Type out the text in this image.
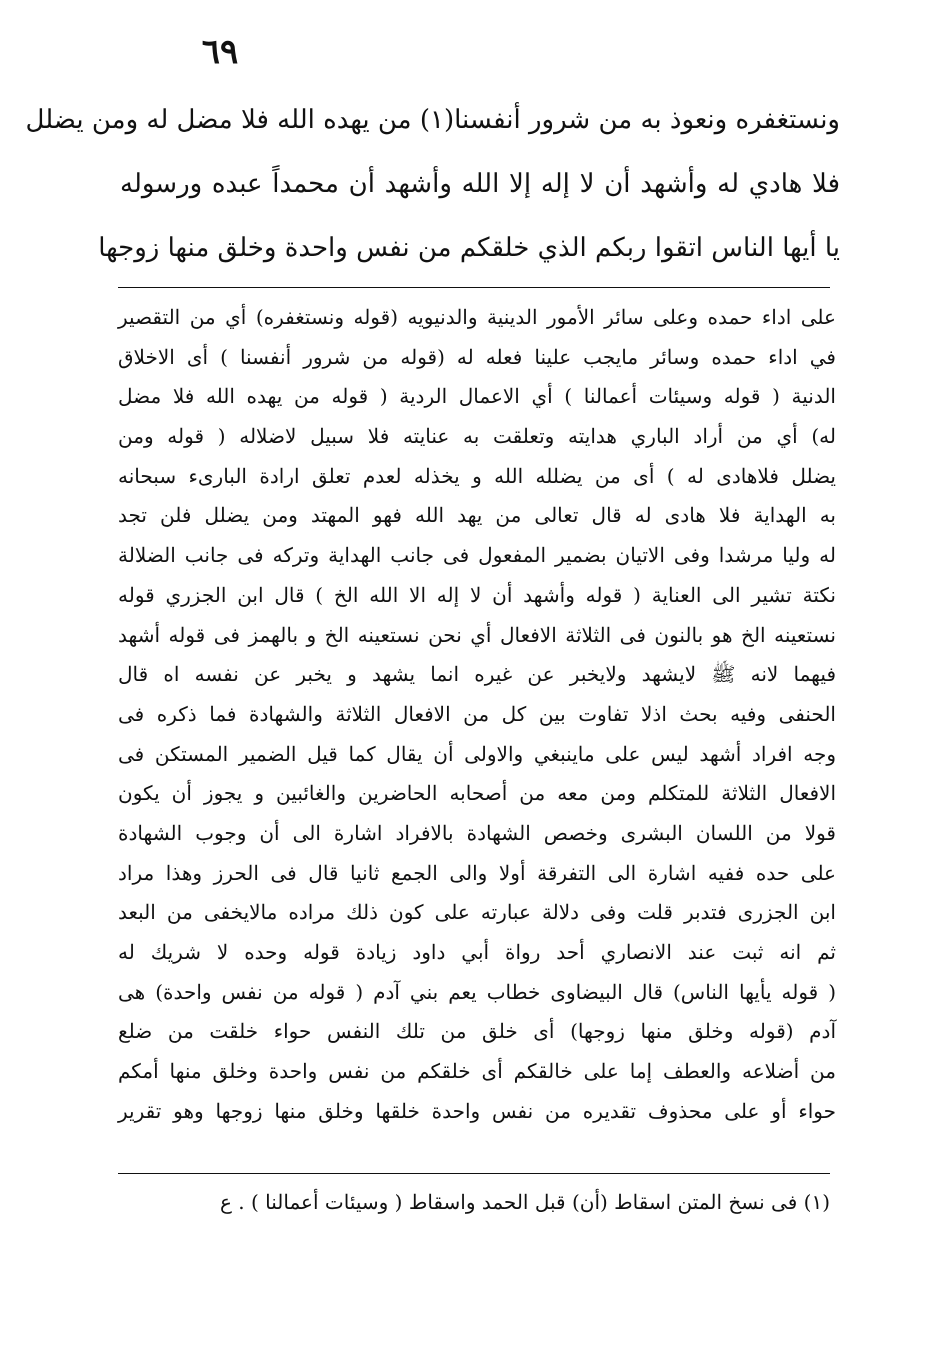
٦٩
ونستغفره ونعوذ به من شرور أنفسنا(١) من يهده الله فلا مضل له ومن يضلل
فلا هادي له وأشهد أن لا إله إلا الله وأشهد أن محمداً عبده ورسوله
يا أيها الناس اتقوا ربكم الذي خلقكم من نفس واحدة وخلق منها زوجها
على اداء حمده وعلى سائر الأمور الدينية والدنيويه (قوله ونستغفره) أي من التقصير
في اداء حمده وسائر مايجب علينا فعله له (قوله من شرور أنفسنا ) أى الاخلاق
الدنية ( قوله وسيئات أعمالنا ) أي الاعمال الردية ( قوله من يهده الله فلا مضل
له) أي من أراد الباري هدايته وتعلقت به عنايته فلا سبيل لاضلاله ( قوله ومن
يضلل فلاهادى له ) أى من يضلله الله و يخذله لعدم تعلق ارادة البارىء سبحانه
به الهداية فلا هادى له قال تعالى من يهد الله فهو المهتد ومن يضلل فلن تجد
له وليا مرشدا وفى الاتيان بضمير المفعول فى جانب الهداية وتركه فى جانب الضلالة
نكتة تشير الى العناية ( قوله وأشهد أن لا إله الا الله الخ ) قال ابن الجزري قوله
نستعينه الخ هو بالنون فى الثلاثة الافعال أي نحن نستعينه الخ و بالهمز فى قوله أشهد
فيهما لانه ﷺ لايشهد ولايخبر عن غيره انما يشهد و يخبر عن نفسه اه قال
الحنفى وفيه بحث اذلا تفاوت بين كل من الافعال الثلاثة والشهادة فما ذكره فى
وجه افراد أشهد ليس على ماينبغي والاولى أن يقال كما قيل الضمير المستكن فى
الافعال الثلاثة للمتكلم ومن معه من أصحابه الحاضرين والغائبين و يجوز أن يكون
قولا من اللسان البشرى وخصص الشهادة بالافراد اشارة الى أن وجوب الشهادة
على حده ففيه اشارة الى التفرقة أولا والى الجمع ثانيا قال فى الحرز وهذا مراد
ابن الجزرى فتدبر قلت وفى دلالة عبارته على كون ذلك مراده مالايخفى من البعد
ثم انه ثبت عند الانصاري أحد رواة أبي داود زيادة قوله وحده لا شريك له
( قوله يأيها الناس) قال البيضاوى خطاب يعم بني آدم ( قوله من نفس واحدة) هى
آدم (قوله وخلق منها زوجها) أى خلق من تلك النفس حواء خلقت من ضلع
من أضلاعه والعطف إما على خالقكم أى خلقكم من نفس واحدة وخلق منها أمكم
حواء أو على محذوف تقديره من نفس واحدة خلقها وخلق منها زوجها وهو تقرير
(١) فى نسخ المتن اسقاط (أن) قبل الحمد واسقاط ( وسيئات أعمالنا ) . ع
